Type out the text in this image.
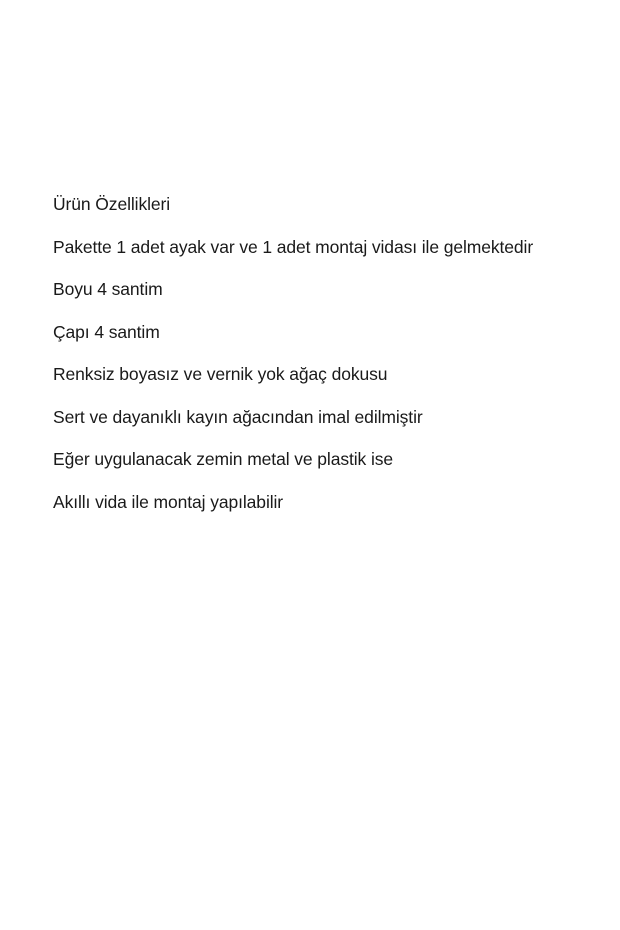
Ürün Özellikleri

Pakette 1 adet ayak var ve 1 adet montaj vidası ile gelmektedir

Boyu 4 santim

Çapı 4 santim

Renksiz boyasız ve vernik yok ağaç dokusu

Sert ve dayanıklı kayın ağacından imal edilmiştir

Eğer uygulanacak zemin metal ve plastik ise

Akıllı vida ile montaj yapılabilir
